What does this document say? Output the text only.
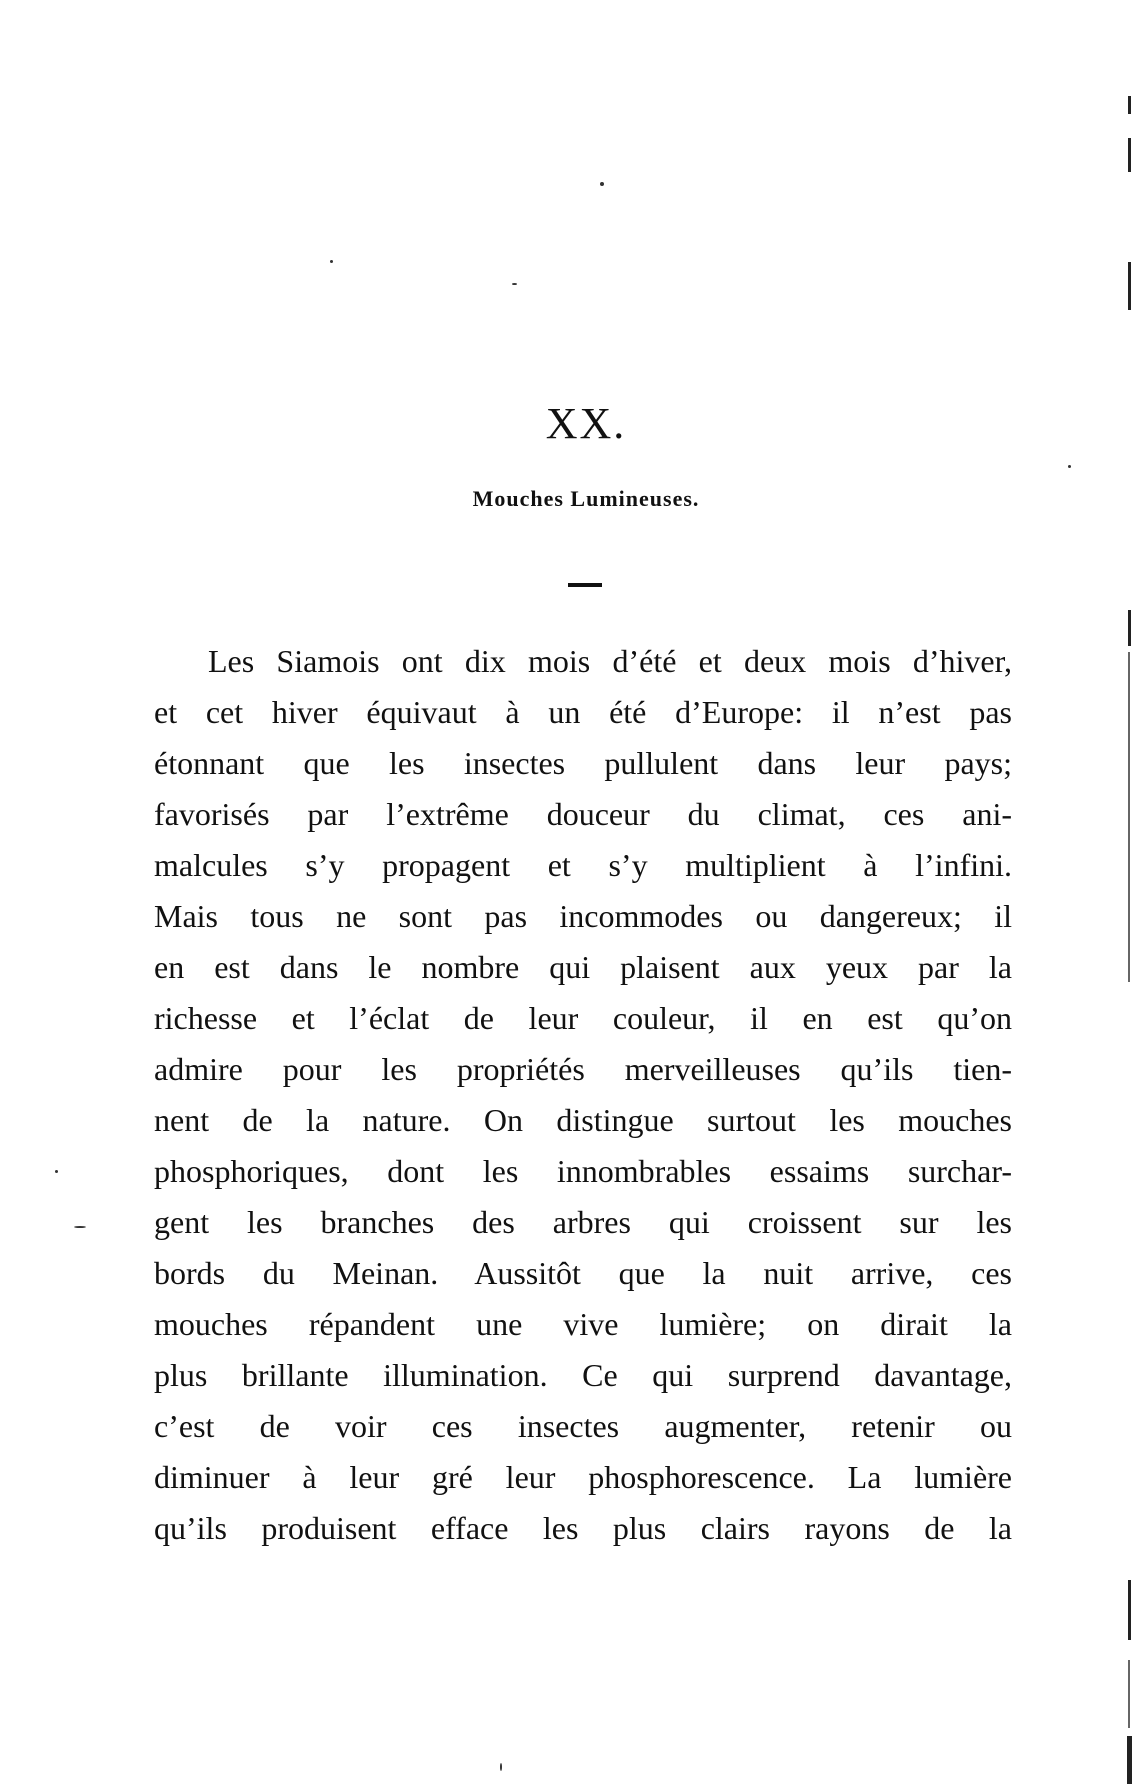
XX.
Mouches Lumineuses.
Les Siamois ont dix mois d’été et deux mois d’hiver,
et cet hiver équivaut à un été d’Europe: il n’est pas
étonnant que les insectes pullulent dans leur pays;
favorisés par l’extrême douceur du climat, ces ani-
malcules s’y propagent et s’y multiplient à l’infini.
Mais tous ne sont pas incommodes ou dangereux; il
en est dans le nombre qui plaisent aux yeux par la
richesse et l’éclat de leur couleur, il en est qu’on
admire pour les propriétés merveilleuses qu’ils tien-
nent de la nature. On distingue surtout les mouches
phosphoriques, dont les innombrables essaims surchar-
gent les branches des arbres qui croissent sur les
bords du Meinan. Aussitôt que la nuit arrive, ces
mouches répandent une vive lumière; on dirait la
plus brillante illumination. Ce qui surprend davantage,
c’est de voir ces insectes augmenter, retenir ou
diminuer à leur gré leur phosphorescence. La lumière
qu’ils produisent efface les plus clairs rayons de la
